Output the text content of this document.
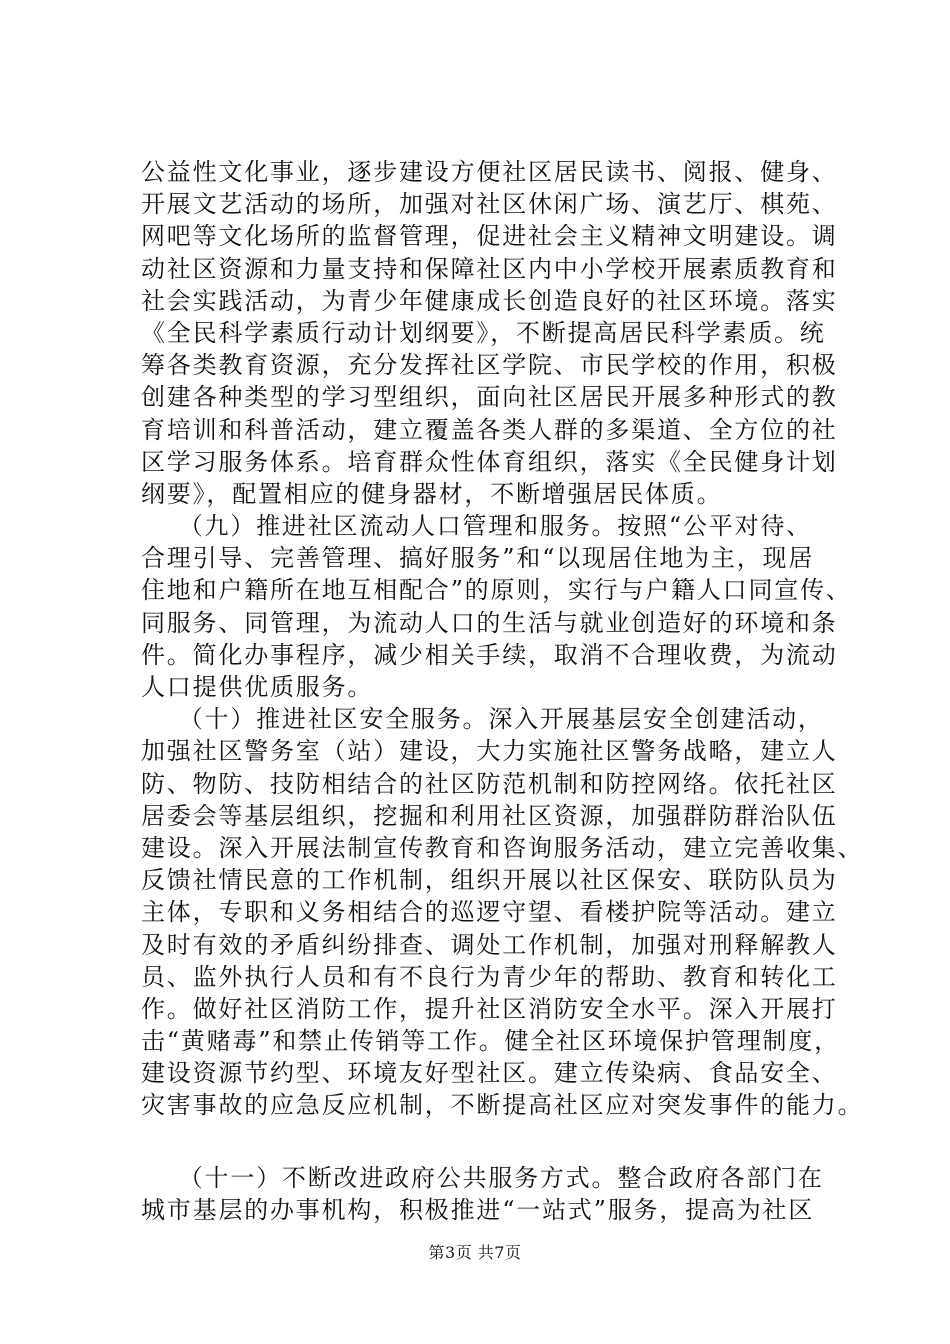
公益性文化事业，逐步建设方便社区居民读书、阅报、健身、
开展文艺活动的场所，加强对社区休闲广场、演艺厅、棋苑、
网吧等文化场所的监督管理，促进社会主义精神文明建设。调
动社区资源和力量支持和保障社区内中小学校开展素质教育和
社会实践活动，为青少年健康成长创造良好的社区环境。落实
《全民科学素质行动计划纲要》，不断提高居民科学素质。统
筹各类教育资源，充分发挥社区学院、市民学校的作用，积极
创建各种类型的学习型组织，面向社区居民开展多种形式的教
育培训和科普活动，建立覆盖各类人群的多渠道、全方位的社
区学习服务体系。培育群众性体育组织，落实《全民健身计划
纲要》，配置相应的健身器材，不断增强居民体质。
（九）推进社区流动人口管理和服务。按照“公平对待、
合理引导、完善管理、搞好服务”和“以现居住地为主，现居
住地和户籍所在地互相配合”的原则，实行与户籍人口同宣传、
同服务、同管理，为流动人口的生活与就业创造好的环境和条
件。简化办事程序，减少相关手续，取消不合理收费，为流动
人口提供优质服务。
（十）推进社区安全服务。深入开展基层安全创建活动，
加强社区警务室（站）建设，大力实施社区警务战略，建立人
防、物防、技防相结合的社区防范机制和防控网络。依托社区
居委会等基层组织，挖掘和利用社区资源，加强群防群治队伍
建设。深入开展法制宣传教育和咨询服务活动，建立完善收集、
反馈社情民意的工作机制，组织开展以社区保安、联防队员为
主体，专职和义务相结合的巡逻守望、看楼护院等活动。建立
及时有效的矛盾纠纷排查、调处工作机制，加强对刑释解教人
员、监外执行人员和有不良行为青少年的帮助、教育和转化工
作。做好社区消防工作，提升社区消防安全水平。深入开展打
击“黄赌毒”和禁止传销等工作。健全社区环境保护管理制度，
建设资源节约型、环境友好型社区。建立传染病、食品安全、
灾害事故的应急反应机制，不断提高社区应对突发事件的能力。
（十一）不断改进政府公共服务方式。整合政府各部门在
城市基层的办事机构，积极推进“一站式”服务，提高为社区
第3页 共7页
